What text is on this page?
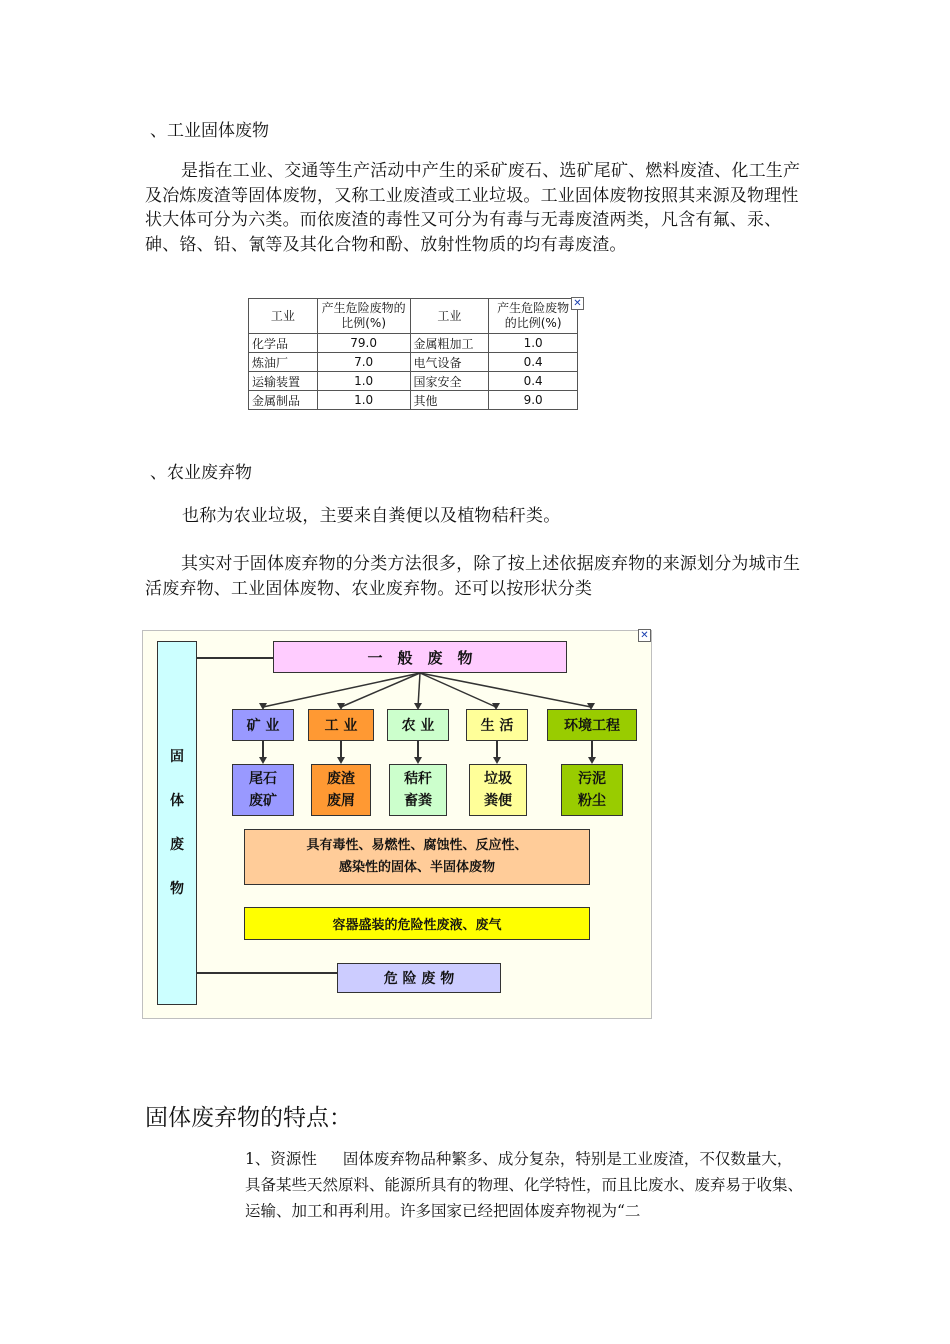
、工业固体废物
是指在工业、交通等生产活动中产生的采矿废石、选矿尾矿、燃料废渣、化工生产及冶炼废渣等固体废物，又称工业废渣或工业垃圾。工业固体废物按照其来源及物理性状大体可分为六类。而依废渣的毒性又可分为有毒与无毒废渣两类，凡含有氟、汞、砷、铬、铅、氰等及其化合物和酚、放射性物质的均有毒废渣。
工业	产生危险废物的比例(%)	工业	产生危险废物的比例(%)
化学品	79.0	金属粗加工	1.0
炼油厂	7.0	电气设备	0.4
运输装置	1.0	国家安全	0.4
金属制品	1.0	其他	9.0
✕
、农业废弃物
也称为农业垃圾，主要来自粪便以及植物秸秆类。
其实对于固体废弃物的分类方法很多，除了按上述依据废弃物的来源划分为城市生活废弃物、工业固体废物、农业废弃物。还可以按形状分类
固
体
废
物
一　般　废　物
矿 业	工 业	农 业	生 活	环境工程
尾石
废矿
废渣
废屑
秸秆
畜粪
垃圾
粪便
污泥
粉尘
具有毒性、易燃性、腐蚀性、反应性、
感染性的固体、半固体废物
容器盛装的危险性废液、废气
危 险 废 物
✕
固体废弃物的特点：
1、资源性 固体废弃物品种繁多、成分复杂，特别是工业废渣，不仅数量大，具备某些天然原料、能源所具有的物理、化学特性，而且比废水、废弃易于收集、运输、加工和再利用。许多国家已经把固体废弃物视为“二
